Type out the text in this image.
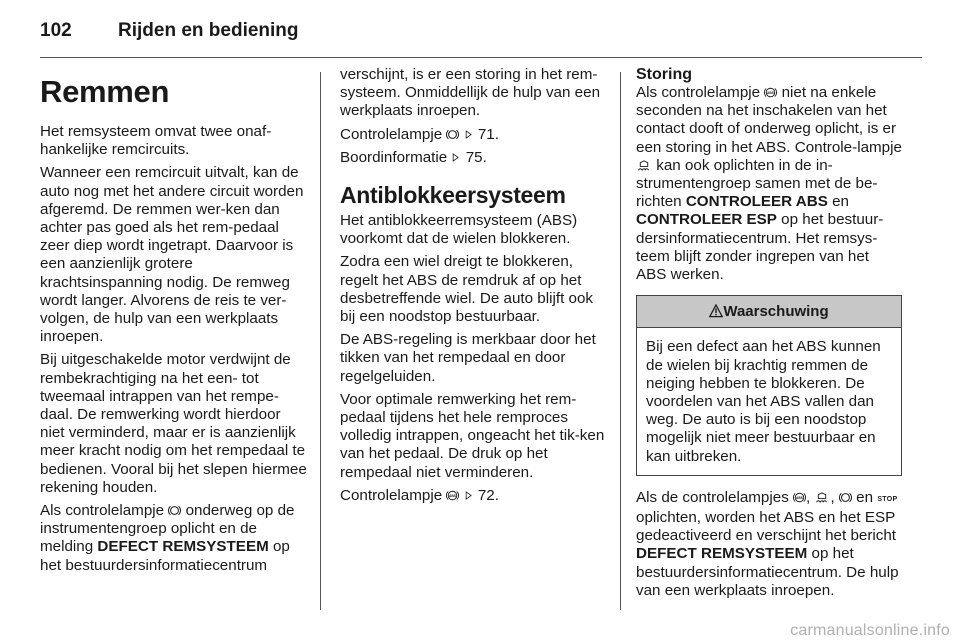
102 Rijden en bediening
Remmen

Het remsysteem omvat twee onaf-hankelijke remcircuits.

Wanneer een remcircuit uitvalt, kan de auto nog met het andere circuit worden afgeremd. De remmen wer-ken dan achter pas goed als het rem-pedaal zeer diep wordt ingetrapt. Daarvoor is een aanzienlijk grotere krachtsinspanning nodig. De remweg wordt langer. Alvorens de reis te ver-volgen, de hulp van een werkplaats inroepen.

Bij uitgeschakelde motor verdwijnt de rembekrachtiging na het een- tot tweemaal intrappen van het rempe-daal. De remwerking wordt hierdoor niet verminderd, maar er is aanzienlijk meer kracht nodig om het rempedaal te bedienen. Vooral bij het slepen hiermee rekening houden.

Als controlelampje onderweg op de instrumentengroep oplicht en de melding DEFECT REMSYSTEEM op het bestuurdersinformatiecentrum

verschijnt, is er een storing in het rem-systeem. Onmiddellijk de hulp van een werkplaats inroepen.

Controlelampje 71.

Boordinformatie 75.

Antiblokkeersysteem

Het antiblokkeerremsysteem (ABS) voorkomt dat de wielen blokkeren.

Zodra een wiel dreigt te blokkeren, regelt het ABS de remdruk af op het desbetreffende wiel. De auto blijft ook bij een noodstop bestuurbaar.

De ABS-regeling is merkbaar door het tikken van het rempedaal en door regelgeluiden.

Voor optimale remwerking het rem-pedaal tijdens het hele remproces volledig intrappen, ongeacht het tik-ken van het pedaal. De druk op het rempedaal niet verminderen.

Controlelampje ABS 72.

Storing

Als controlelampje ABS niet na enkele seconden na het inschakelen van het contact dooft of onderweg oplicht, is er een storing in het ABS. Controle-lampje  kan ook oplichten in de in-strumentengroep samen met de be-richten CONTROLEER ABS en CONTROLEER ESP op het bestuur-dersinformatiecentrum. Het remsys-teem blijft zonder ingrepen van het ABS werken.

Waarschuwing
Bij een defect aan het ABS kunnen de wielen bij krachtig remmen de neiging hebben te blokkeren. De voordelen van het ABS vallen dan weg. De auto is bij een noodstop mogelijk niet meer bestuurbaar en kan uitbreken.

Als de controlelampjes ABS , ,  en STOP oplichten, worden het ABS en het ESP gedeactiveerd en verschijnt het bericht DEFECT REMSYSTEEM op het bestuurdersinformatiecentrum. De hulp van een werkplaats inroepen.

carmanualsonline.info
